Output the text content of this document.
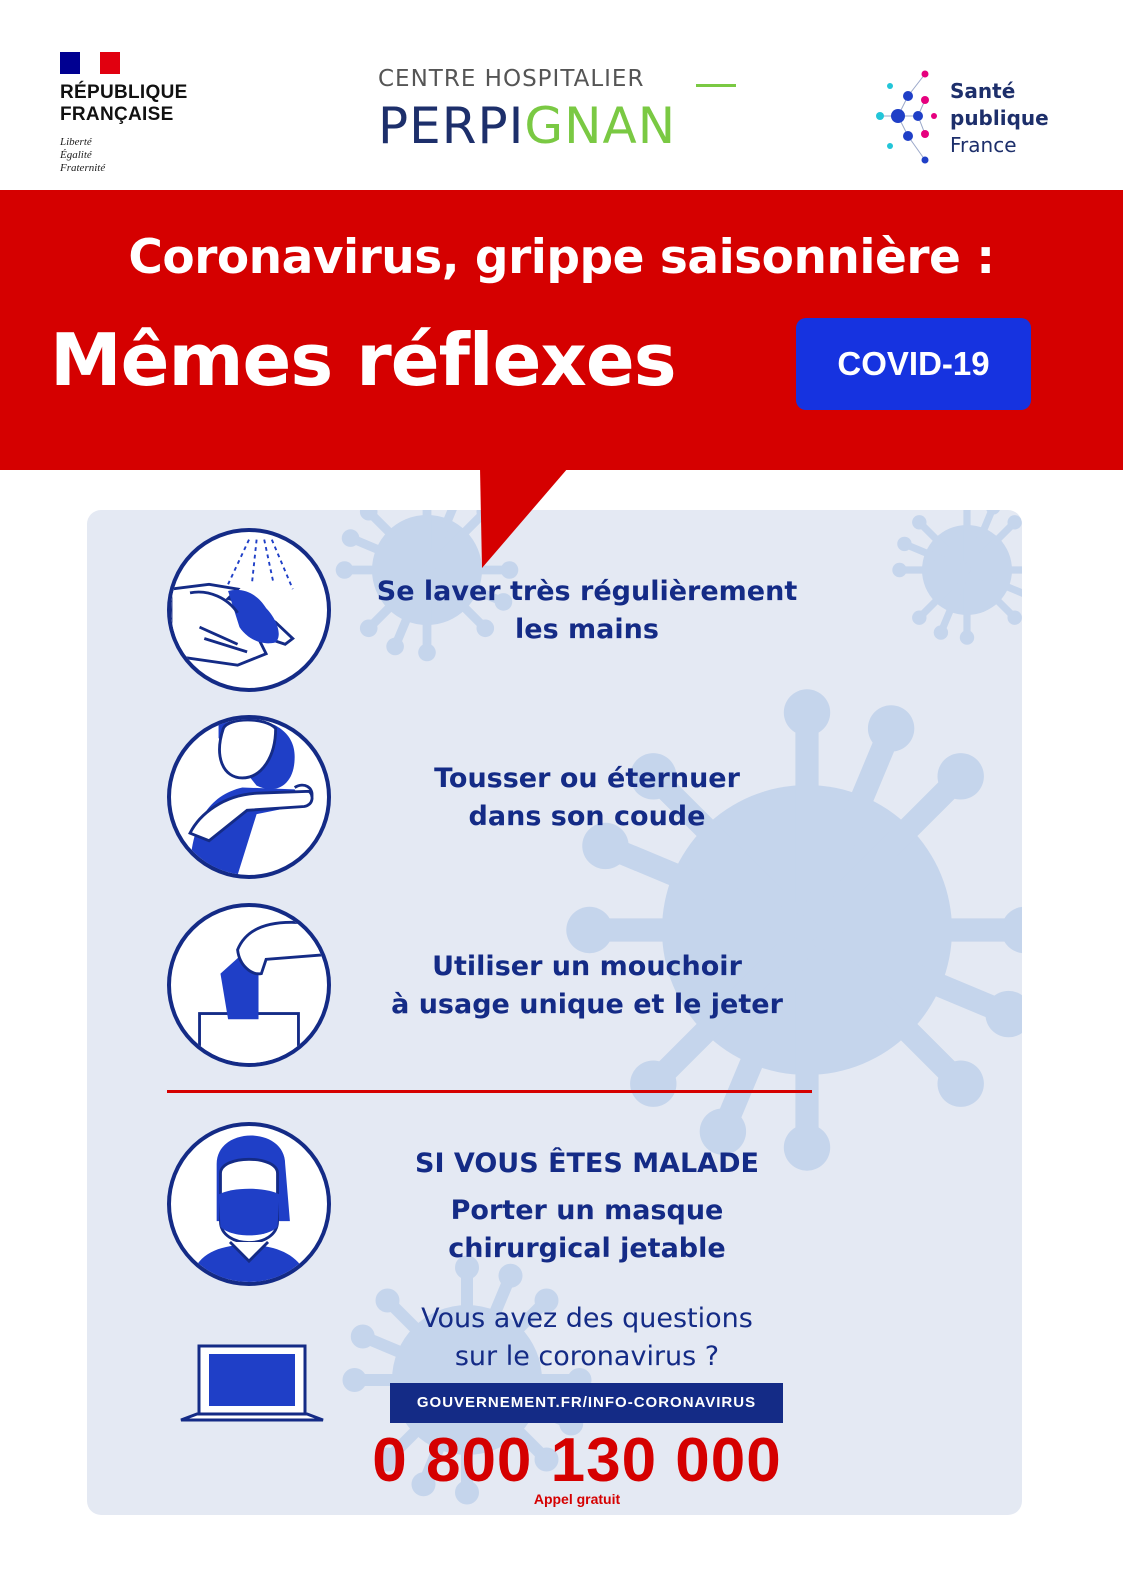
RÉPUBLIQUE
FRANÇAISE
Liberté
Égalité
Fraternité
CENTRE HOSPITALIER
PERPIGNAN
Santé
publique
France
Coronavirus, grippe saisonnière :
Mêmes réflexes	COVID-19
Se laver très régulièrement
les mains
Tousser ou éternuer
dans son coude
Utiliser un mouchoir
à usage unique et le jeter
SI VOUS ÊTES MALADE
Porter un masque
chirurgical jetable
Vous avez des questions
sur le coronavirus ?
GOUVERNEMENT.FR/INFO-CORONAVIRUS
0 800 130 000
Appel gratuit
